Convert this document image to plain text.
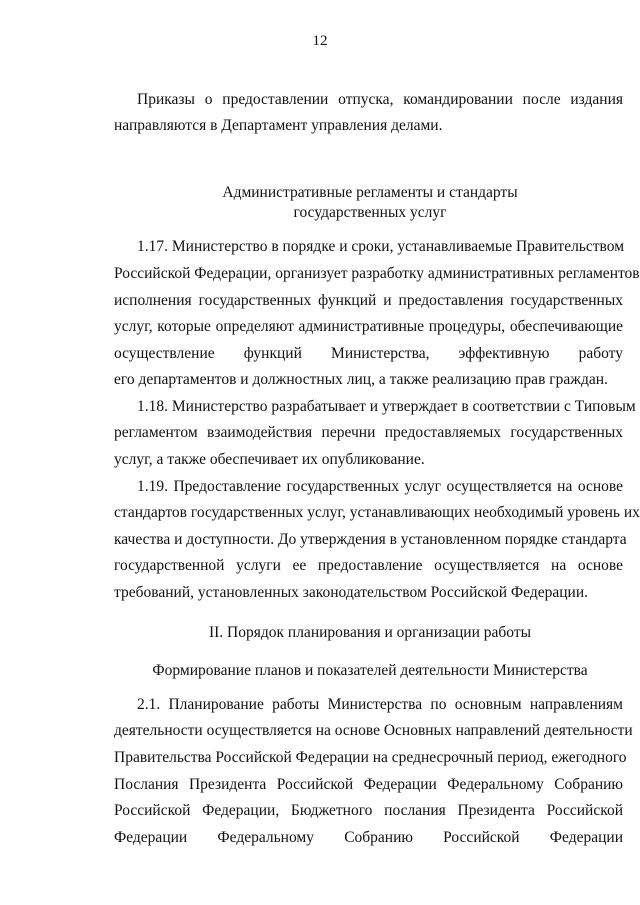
12
Приказы о предоставлении отпуска, командировании после издания
направляются в Департамент управления делами.
Административные регламенты и стандарты
государственных услуг
1.17. Министерство в порядке и сроки, устанавливаемые Правительством
Российской Федерации, организует разработку административных регламентов
исполнения государственных функций и предоставления государственных
услуг, которые определяют административные процедуры, обеспечивающие
осуществление функций Министерства, эффективную работу
его департаментов и должностных лиц, а также реализацию прав граждан.
1.18. Министерство разрабатывает и утверждает в соответствии с Типовым
регламентом взаимодействия перечни предоставляемых государственных
услуг, а также обеспечивает их опубликование.
1.19. Предоставление государственных услуг осуществляется на основе
стандартов государственных услуг, устанавливающих необходимый уровень их
качества и доступности. До утверждения в установленном порядке стандарта
государственной услуги ее предоставление осуществляется на основе
требований, установленных законодательством Российской Федерации.
II. Порядок планирования и организации работы
Формирование планов и показателей деятельности Министерства
2.1. Планирование работы Министерства по основным направлениям
деятельности осуществляется на основе Основных направлений деятельности
Правительства Российской Федерации на среднесрочный период, ежегодного
Послания Президента Российской Федерации Федеральному Собранию
Российской Федерации, Бюджетного послания Президента Российской
Федерации Федеральному Собранию Российской Федерации
